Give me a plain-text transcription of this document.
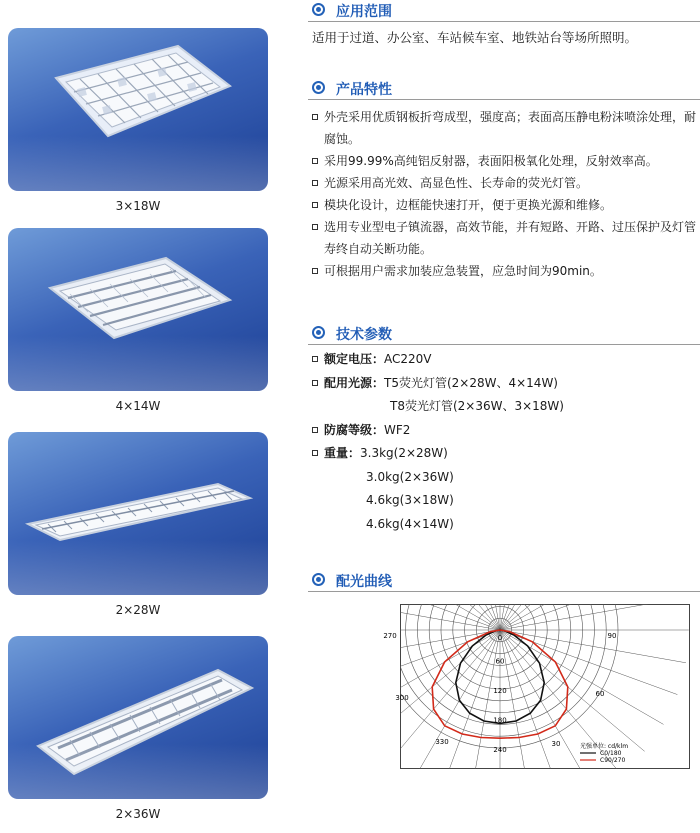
3×18W
4×14W
2×28W
2×36W
应用范围
适用于过道、办公室、车站候车室、地铁站台等场所照明。
产品特性
外壳采用优质钢板折弯成型，强度高；表面高压静电粉沫喷涂处理，耐腐蚀。
采用99.99%高纯铝反射器，表面阳极氧化处理，反射效率高。
光源采用高光效、高显色性、长寿命的荧光灯管。
模块化设计，边框能快速打开，便于更换光源和维修。
选用专业型电子镇流器，高效节能，并有短路、开路、过压保护及灯管寿终自动关断功能。
可根据用户需求加装应急装置，应急时间为90min。
技术参数
额定电压：AC220V
配用光源：T5荧光灯管(2×28W、4×14W)
T8荧光灯管(2×36W、3×18W)
防腐等级：WF2
重量：3.3kg(2×28W)
3.0kg(2×36W)
4.6kg(3×18W)
4.6kg(4×14W)
配光曲线
0
60
120
180
240
30
60
90
270
300
330
光强单位: cd/klm
C0/180
C90/270
